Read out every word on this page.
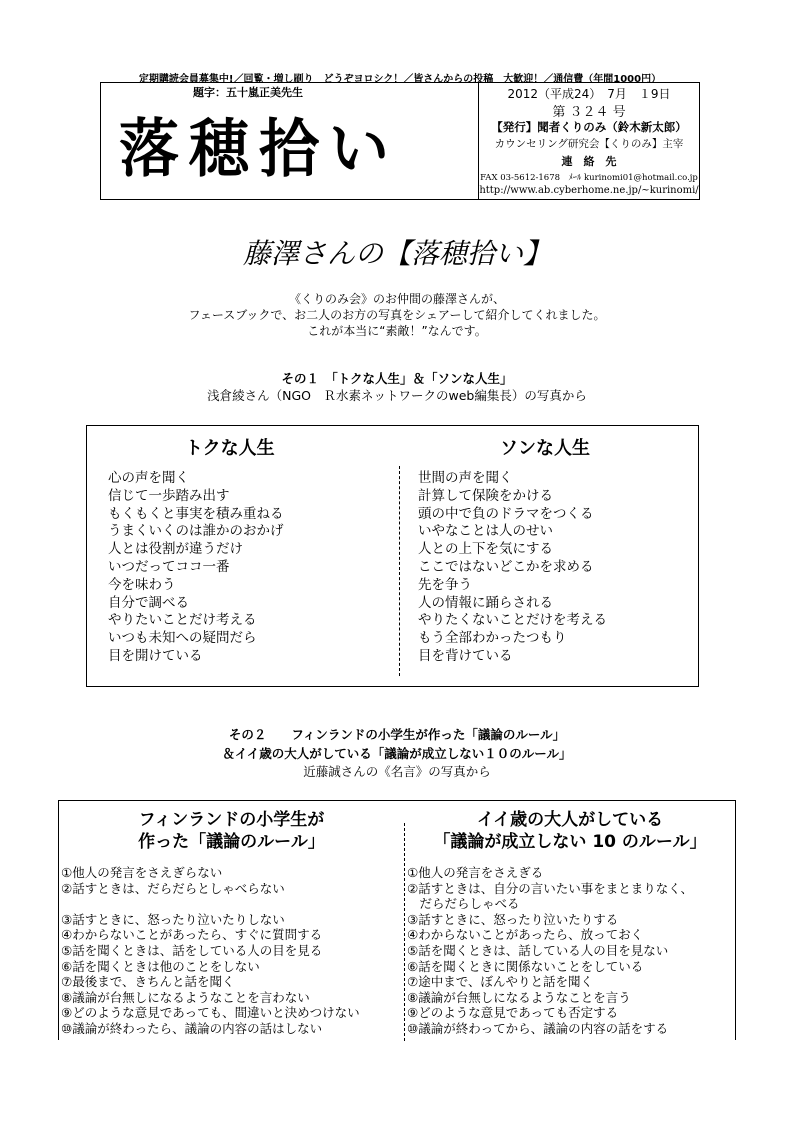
定期購読会員募集中!／回覧・増し刷り　どうぞヨロシク！／皆さんからの投稿　大歓迎！／通信費（年間1000円）
題字：五十嵐正美先生
落穂拾い
2012（平成24）　7月　１9日
第 ３２４ 号
【発行】聞者くりのみ（鈴木新太郎）
カウンセリング研究会【くりのみ】主宰
連　絡　先
FAX 03-5612-1678　ﾒｰﾙ kurinomi01@hotmail.co.jp
http://www.ab.cyberhome.ne.jp/~kurinomi/
藤澤さんの【落穂拾い】
《くりのみ会》のお仲間の藤澤さんが、
フェースブックで、お二人のお方の写真をシェアーして紹介してくれました。
これが本当に“素敵！”なんです。
その１　「トクな人生」＆「ソンな人生」
浅倉綾さん（NGO　Ｒ水素ネットワークのweb編集長）の写真から
トクな人生	ソンな人生
心の声を聞く
信じて一歩踏み出す
もくもくと事実を積み重ねる
うまくいくのは誰かのおかげ
人とは役割が違うだけ
いつだってココ一番
今を味わう
自分で調べる
やりたいことだけ考える
いつも未知への疑問だら
目を開けている
世間の声を聞く
計算して保険をかける
頭の中で負のドラマをつくる
いやなことは人のせい
人との上下を気にする
ここではないどこかを求める
先を争う
人の情報に踊らされる
やりたくないことだけを考える
もう全部わかったつもり
目を背けている
その２　　フィンランドの小学生が作った「議論のルール」
＆イイ歳の大人がしている「議論が成立しない１０のルール」
近藤誠さんの《名言》の写真から
フィンランドの小学生が
作った「議論のルール」
イイ歳の大人がしている
「議論が成立しない 10 のルール」
①他人の発言をさえぎらない
②話すときは、だらだらとしゃべらない

③話すときに、怒ったり泣いたりしない
④わからないことがあったら、すぐに質問する
⑤話を聞くときは、話をしている人の目を見る
⑥話を聞くときは他のことをしない
⑦最後まで、きちんと話を聞く
⑧議論が台無しになるようなことを言わない
⑨どのような意見であっても、間違いと決めつけない
⑩議論が終わったら、議論の内容の話はしない
①他人の発言をさえぎる
②話すときは、自分の言いたい事をまとまりなく、
　だらだらしゃべる
③話すときに、怒ったり泣いたりする
④わからないことがあったら、放っておく
⑤話を聞くときは、話している人の目を見ない
⑥話を聞くときに関係ないことをしている
⑦途中まで、ぼんやりと話を聞く
⑧議論が台無しになるようなことを言う
⑨どのような意見であっても否定する
⑩議論が終わってから、議論の内容の話をする
